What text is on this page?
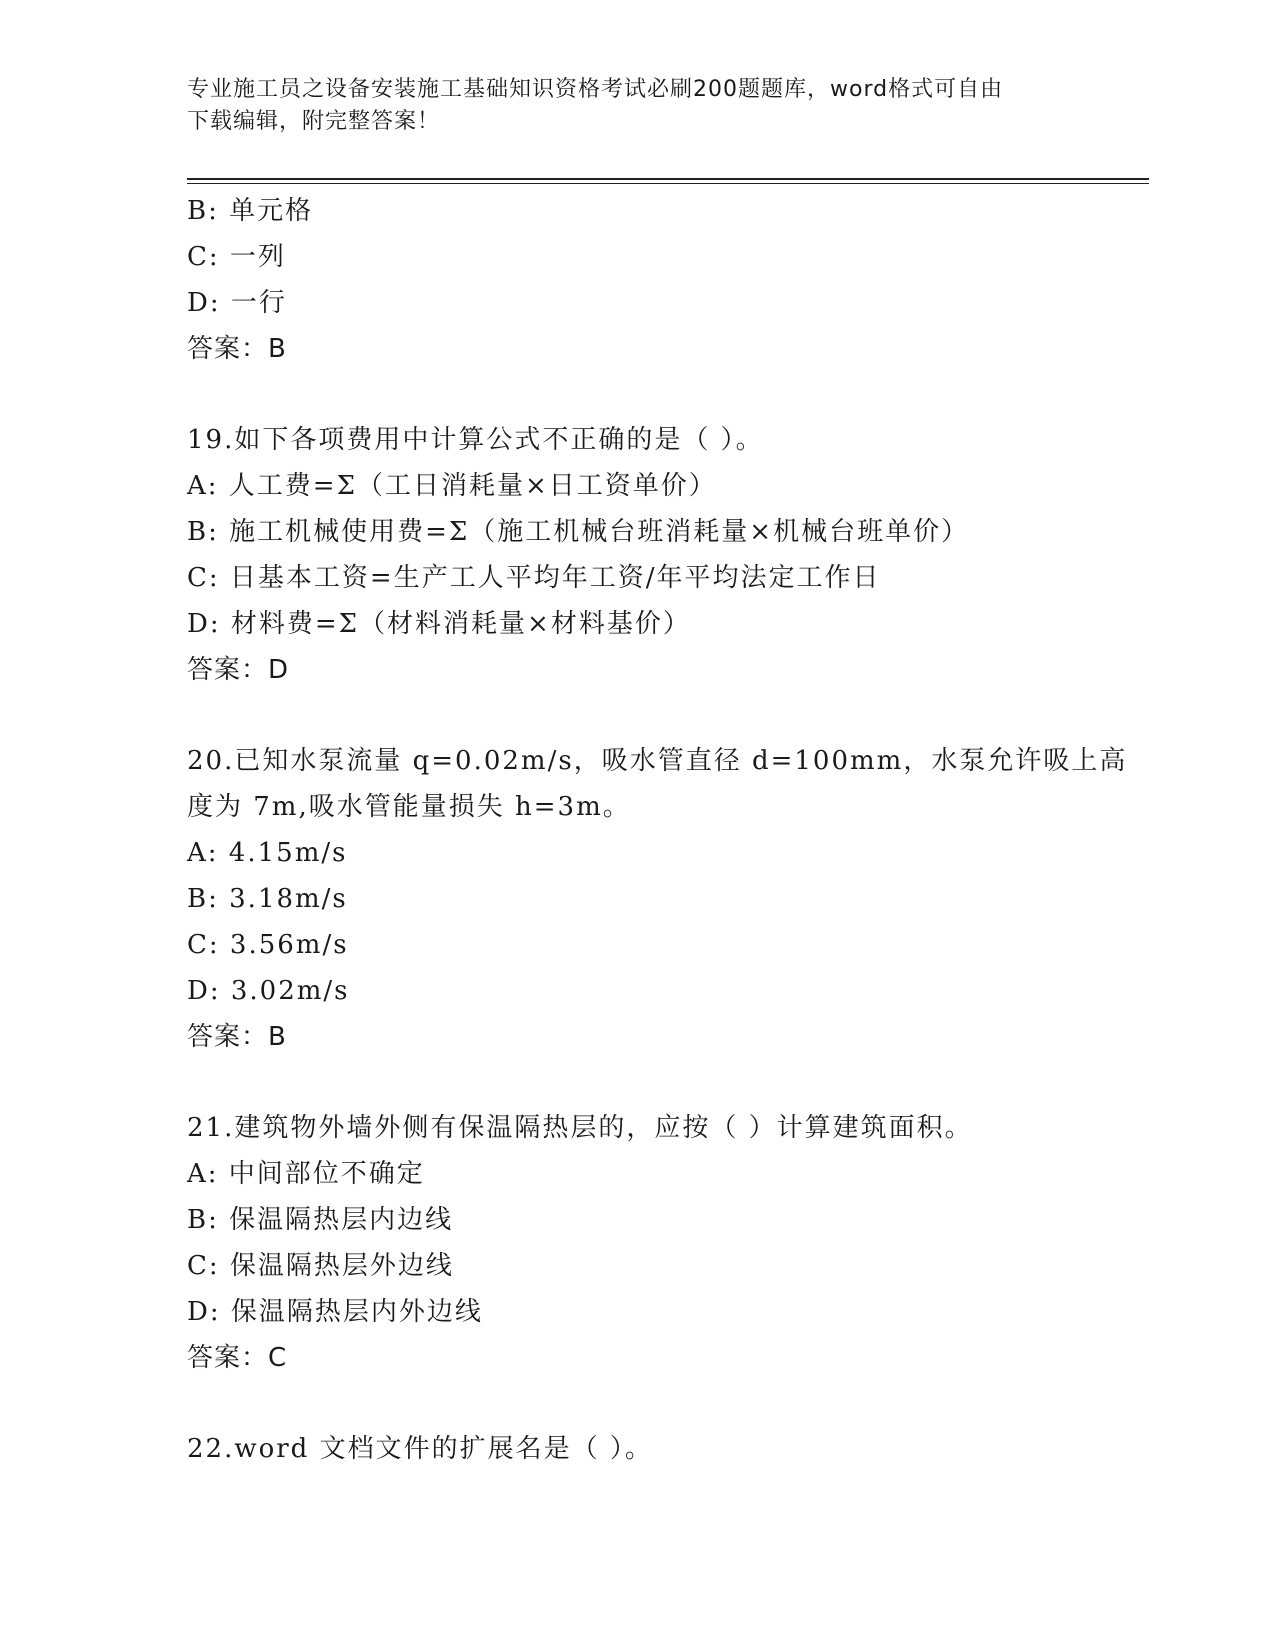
专业施工员之设备安装施工基础知识资格考试必刷200题题库，word格式可自由
下载编辑，附完整答案！
B: 单元格
C: 一列
D: 一行
答案：B
19.如下各项费用中计算公式不正确的是（ ）。
A: 人工费=Σ（工日消耗量×日工资单价）
B: 施工机械使用费=Σ（施工机械台班消耗量×机械台班单价）
C: 日基本工资=生产工人平均年工资/年平均法定工作日
D: 材料费=Σ（材料消耗量×材料基价）
答案：D
20.已知水泵流量 q=0.02m/s，吸水管直径 d=100mm，水泵允许吸上高
度为 7m,吸水管能量损失 h=3m。
A: 4.15m/s
B: 3.18m/s
C: 3.56m/s
D: 3.02m/s
答案：B
21.建筑物外墙外侧有保温隔热层的，应按（ ）计算建筑面积。
A: 中间部位不确定
B: 保温隔热层内边线
C: 保温隔热层外边线
D: 保温隔热层内外边线
答案：C
22.word 文档文件的扩展名是（ ）。
